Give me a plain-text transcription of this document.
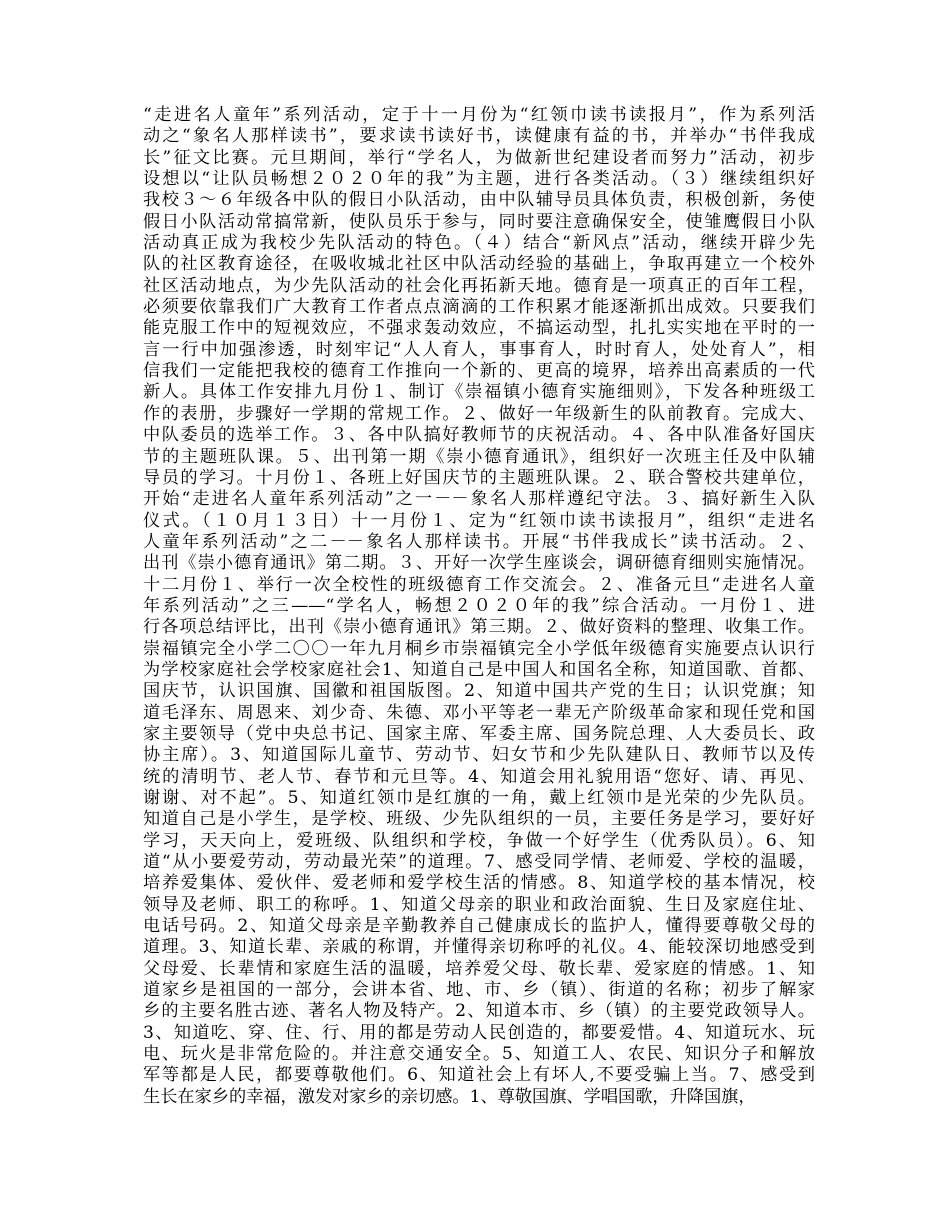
“走进名人童年”系列活动，定于十一月份为“红领巾读书读报月”，作为系列活
动之“象名人那样读书”，要求读书读好书，读健康有益的书，并举办“书伴我成
长”征文比赛。元旦期间，举行“学名人，为做新世纪建设者而努力”活动，初步
设想以“让队员畅想２０２０年的我”为主题，进行各类活动。（３）继续组织好
我校３～６年级各中队的假日小队活动，由中队辅导员具体负责，积极创新，务使
假日小队活动常搞常新，使队员乐于参与，同时要注意确保安全，使雏鹰假日小队
活动真正成为我校少先队活动的特色。（４）结合“新风点”活动，继续开辟少先
队的社区教育途径，在吸收城北社区中队活动经验的基础上，争取再建立一个校外
社区活动地点，为少先队活动的社会化再拓新天地。德育是一项真正的百年工程，
必须要依靠我们广大教育工作者点点滴滴的工作积累才能逐渐抓出成效。只要我们
能克服工作中的短视效应，不强求轰动效应，不搞运动型，扎扎实实地在平时的一
言一行中加强渗透，时刻牢记“人人育人，事事育人，时时育人，处处育人”，相
信我们一定能把我校的德育工作推向一个新的、更高的境界，培养出高素质的一代
新人。具体工作安排九月份１、制订《崇福镇小德育实施细则》，下发各种班级工
作的表册，步骤好一学期的常规工作。２、做好一年级新生的队前教育。完成大、
中队委员的选举工作。３、各中队搞好教师节的庆祝活动。４、各中队准备好国庆
节的主题班队课。５、出刊第一期《崇小德育通讯》，组织好一次班主任及中队辅
导员的学习。十月份１、各班上好国庆节的主题班队课。２、联合警校共建单位，
开始“走进名人童年系列活动”之一－－象名人那样遵纪守法。３、搞好新生入队
仪式。（１０月１３日）十一月份１、定为“红领巾读书读报月”，组织“走进名
人童年系列活动”之二－－象名人那样读书。开展“书伴我成长”读书活动。２、
出刊《崇小德育通讯》第二期。３、开好一次学生座谈会，调研德育细则实施情况。
十二月份１、举行一次全校性的班级德育工作交流会。２、准备元旦“走进名人童
年系列活动”之三——“学名人，畅想２０２０年的我”综合活动。一月份１、进
行各项总结评比，出刊《崇小德育通讯》第三期。２、做好资料的整理、收集工作。
崇福镇完全小学二〇〇一年九月桐乡市崇福镇完全小学低年级德育实施要点认识行
为学校家庭社会学校家庭社会1、知道自己是中国人和国名全称，知道国歌、首都、
国庆节，认识国旗、国徽和祖国版图。2、知道中国共产党的生日；认识党旗；知
道毛泽东、周恩来、刘少奇、朱德、邓小平等老一辈无产阶级革命家和现任党和国
家主要领导（党中央总书记、国家主席、军委主席、国务院总理、人大委员长、政
协主席）。3、知道国际儿童节、劳动节、妇女节和少先队建队日、教师节以及传
统的清明节、老人节、春节和元旦等。4、知道会用礼貌用语“您好、请、再见、
谢谢、对不起”。5、知道红领巾是红旗的一角，戴上红领巾是光荣的少先队员。
知道自己是小学生，是学校、班级、少先队组织的一员，主要任务是学习，要好好
学习，天天向上，爱班级、队组织和学校，争做一个好学生（优秀队员）。6、知
道“从小要爱劳动，劳动最光荣”的道理。7、感受同学情、老师爱、学校的温暖，
培养爱集体、爱伙伴、爱老师和爱学校生活的情感。8、知道学校的基本情况，校
领导及老师、职工的称呼。1、知道父母亲的职业和政治面貌、生日及家庭住址、
电话号码。2、知道父母亲是辛勤教养自己健康成长的监护人，懂得要尊敬父母的
道理。3、知道长辈、亲戚的称谓，并懂得亲切称呼的礼仪。4、能较深切地感受到
父母爱、长辈情和家庭生活的温暖，培养爱父母、敬长辈、爱家庭的情感。1、知
道家乡是祖国的一部分，会讲本省、地、市、乡（镇）、街道的名称；初步了解家
乡的主要名胜古迹、著名人物及特产。2、知道本市、乡（镇）的主要党政领导人。
3、知道吃、穿、住、行、用的都是劳动人民创造的，都要爱惜。4、知道玩水、玩
电、玩火是非常危险的。并注意交通安全。5、知道工人、农民、知识分子和解放
军等都是人民，都要尊敬他们。6、知道社会上有坏人,不要受骗上当。7、感受到
生长在家乡的幸福，激发对家乡的亲切感。1、尊敬国旗、学唱国歌，升降国旗，
